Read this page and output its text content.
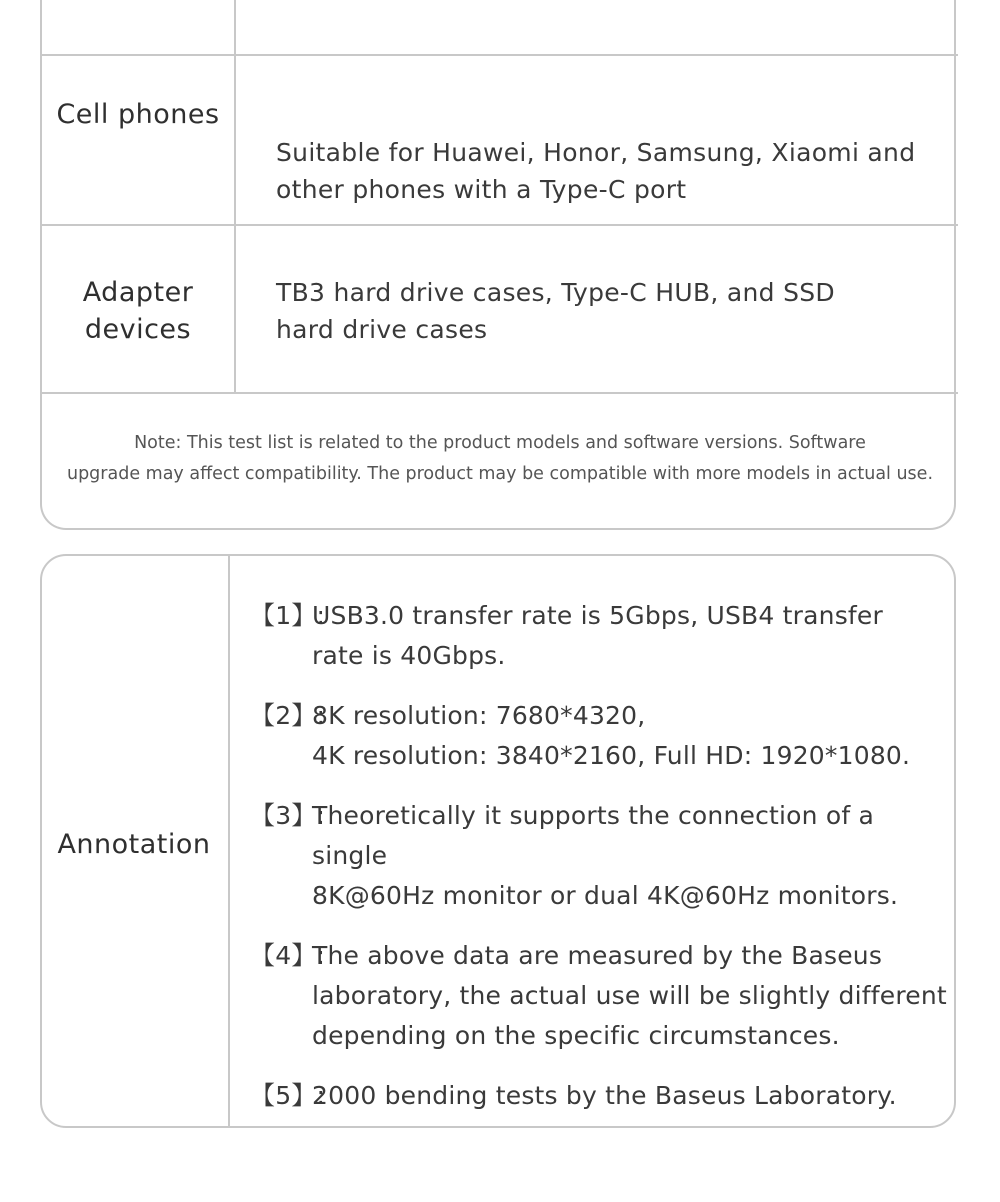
Cell phones
Suitable for Huawei, Honor, Samsung, Xiaomi and
other phones with a Type-C port
Adapter
devices
TB3 hard drive cases, Type-C HUB, and SSD
hard drive cases
Note: This test list is related to the product models and software versions. Software
upgrade may affect compatibility. The product may be compatible with more models in actual use.
Annotation
【1】:
USB3.0 transfer rate is 5Gbps, USB4 transfer
rate is 40Gbps.
【2】:
8K resolution: 7680*4320,
4K resolution: 3840*2160, Full HD: 1920*1080.
【3】:
Theoretically it supports the connection of a single
8K@60Hz monitor or dual 4K@60Hz monitors.
【4】:
The above data are measured by the Baseus
laboratory, the actual use will be slightly different
depending on the specific circumstances.
【5】:
2000 bending tests by the Baseus Laboratory.
